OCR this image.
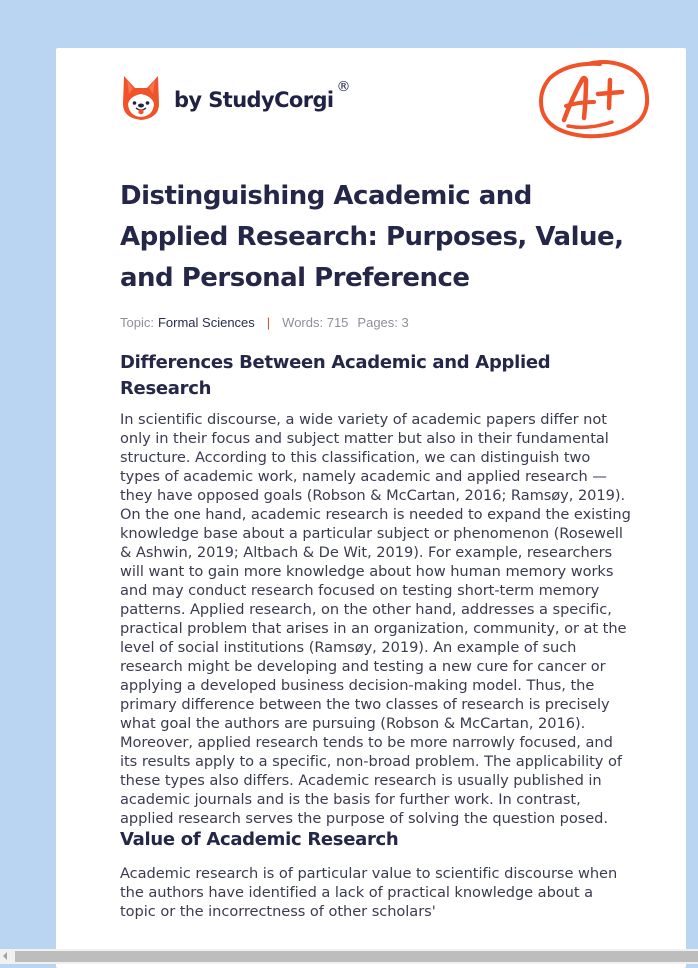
by StudyCorgi
®
Distinguishing Academic and Applied Research: Purposes, Value, and Personal Preference
Topic: Formal Sciences | Words: 715 Pages: 3
Differences Between Academic and Applied Research

In scientific discourse, a wide variety of academic papers differ not only in their focus and subject matter but also in their fundamental structure. According to this classification, we can distinguish two types of academic work, namely academic and applied research — they have opposed goals (Robson & McCartan, 2016; Ramsøy, 2019). On the one hand, academic research is needed to expand the existing knowledge base about a particular subject or phenomenon (Rosewell & Ashwin, 2019; Altbach & De Wit, 2019). For example, researchers will want to gain more knowledge about how human memory works and may conduct research focused on testing short-term memory patterns. Applied research, on the other hand, addresses a specific, practical problem that arises in an organization, community, or at the level of social institutions (Ramsøy, 2019). An example of such research might be developing and testing a new cure for cancer or applying a developed business decision-making model. Thus, the primary difference between the two classes of research is precisely what goal the authors are pursuing (Robson & McCartan, 2016). Moreover, applied research tends to be more narrowly focused, and its results apply to a specific, non-broad problem. The applicability of these types also differs. Academic research is usually published in academic journals and is the basis for further work. In contrast, applied research serves the purpose of solving the question posed.

Value of Academic Research

Academic research is of particular value to scientific discourse when the authors have identified a lack of practical knowledge about a topic or the incorrectness of other scholars'
